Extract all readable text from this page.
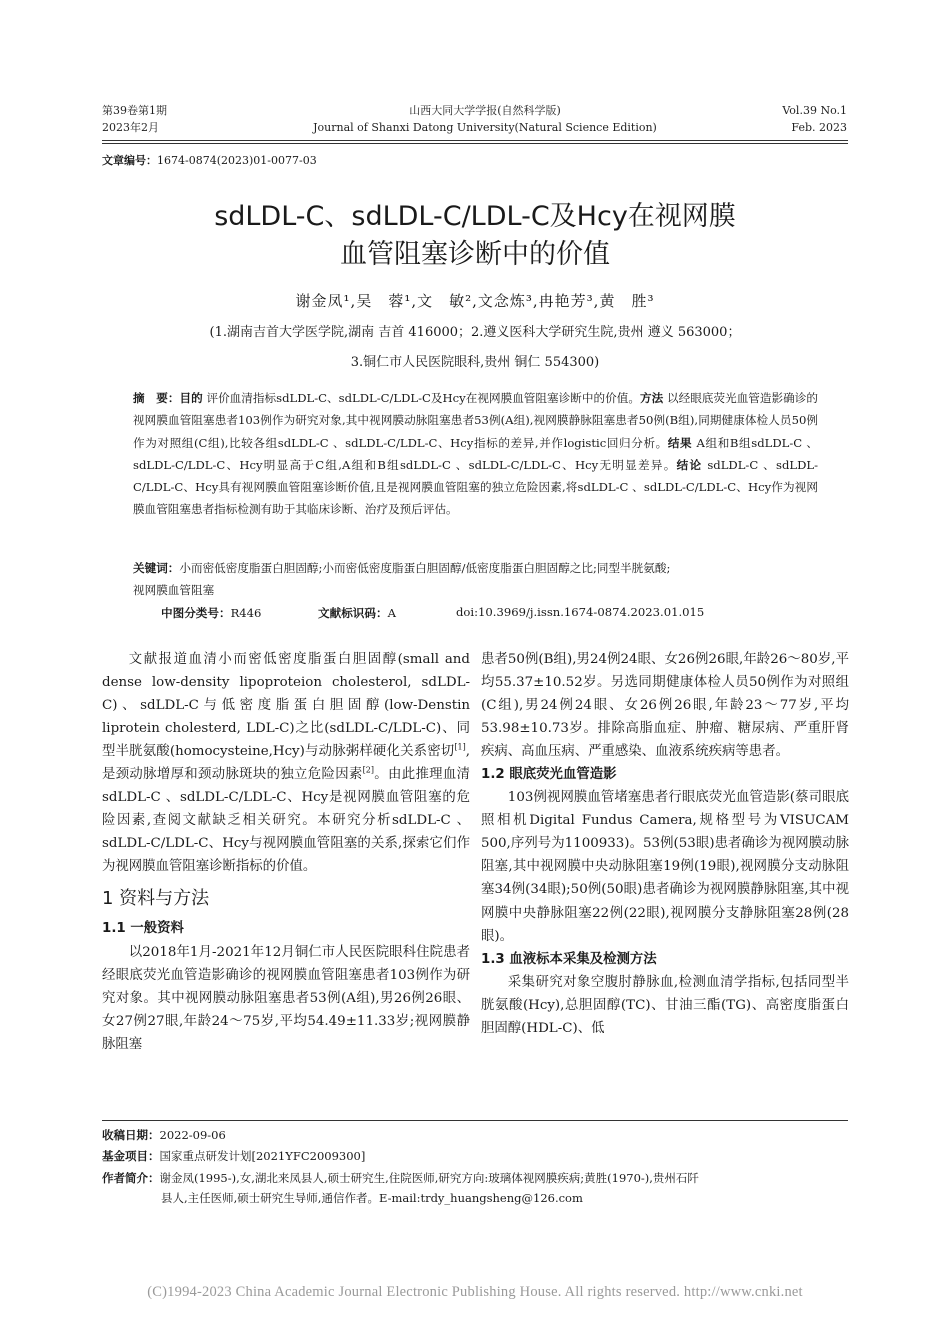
第39卷第1期
2023年2月
山西大同大学学报(自然科学版)
Journal of Shanxi Datong University(Natural Science Edition)
Vol.39 No.1
Feb. 2023
文章编号：1674-0874(2023)01-0077-03
sdLDL-C、sdLDL-C/LDL-C及Hcy在视网膜
血管阻塞诊断中的价值
谢金凤¹,吴　蓉¹,文　敏²,文念炼³,冉艳芳³,黄　胜³
(1.湖南吉首大学医学院,湖南 吉首 416000；2.遵义医科大学研究生院,贵州 遵义 563000；
3.铜仁市人民医院眼科,贵州 铜仁 554300)
摘　要：目的 评价血清指标sdLDL-C、sdLDL-C/LDL-C及Hcy在视网膜血管阻塞诊断中的价值。方法 以经眼底荧光血管造影确诊的视网膜血管阻塞患者103例作为研究对象,其中视网膜动脉阻塞患者53例(A组),视网膜静脉阻塞患者50例(B组),同期健康体检人员50例作为对照组(C组),比较各组sdLDL-C 、sdLDL-C/LDL-C、Hcy指标的差异,并作logistic回归分析。结果 A组和B组sdLDL-C 、sdLDL-C/LDL-C、Hcy明显高于C组,A组和B组sdLDL-C 、sdLDL-C/LDL-C、Hcy无明显差异。结论 sdLDL-C 、sdLDL-C/LDL-C、Hcy具有视网膜血管阻塞诊断价值,且是视网膜血管阻塞的独立危险因素,将sdLDL-C 、sdLDL-C/LDL-C、Hcy作为视网膜血管阻塞患者指标检测有助于其临床诊断、治疗及预后评估。
关键词：小而密低密度脂蛋白胆固醇;小而密低密度脂蛋白胆固醇/低密度脂蛋白胆固醇之比;同型半胱氨酸;
视网膜血管阻塞
中图分类号：R446	文献标识码：A	doi:10.3969/j.issn.1674-0874.2023.01.015

文献报道血清小而密低密度脂蛋白胆固醇(small and dense low-density lipoproteion cholesterol, sdLDL-C)、sdLDL-C与低密度脂蛋白胆固醇(low-Denstin liprotein cholesterd, LDL-C)之比(sdLDL-C/LDL-C)、同型半胱氨酸(homocysteine,Hcy)与动脉粥样硬化关系密切[1],是颈动脉增厚和颈动脉斑块的独立危险因素[2]。由此推理血清sdLDL-C 、sdLDL-C/LDL-C、Hcy是视网膜血管阻塞的危险因素,查阅文献缺乏相关研究。本研究分析sdLDL-C 、sdLDL-C/LDL-C、Hcy与视网膜血管阻塞的关系,探索它们作为视网膜血管阻塞诊断指标的价值。

1 资料与方法
1.1 一般资料

以2018年1月-2021年12月铜仁市人民医院眼科住院患者经眼底荧光血管造影确诊的视网膜血管阻塞患者103例作为研究对象。其中视网膜动脉阻塞患者53例(A组),男26例26眼、女27例27眼,年龄24～75岁,平均54.49±11.33岁;视网膜静脉阻塞

患者50例(B组),男24例24眼、女26例26眼,年龄26～80岁,平均55.37±10.52岁。另选同期健康体检人员50例作为对照组(C组),男24例24眼、女26例26眼,年龄23～77岁,平均53.98±10.73岁。排除高脂血症、肿瘤、糖尿病、严重肝肾疾病、高血压病、严重感染、血液系统疾病等患者。

1.2 眼底荧光血管造影

103例视网膜血管堵塞患者行眼底荧光血管造影(蔡司眼底照相机Digital Fundus Camera,规格型号为VISUCAM 500,序列号为1100933)。53例(53眼)患者确诊为视网膜动脉阻塞,其中视网膜中央动脉阻塞19例(19眼),视网膜分支动脉阻塞34例(34眼);50例(50眼)患者确诊为视网膜静脉阻塞,其中视网膜中央静脉阻塞22例(22眼),视网膜分支静脉阻塞28例(28眼)。

1.3 血液标本采集及检测方法

采集研究对象空腹肘静脉血,检测血清学指标,包括同型半胱氨酸(Hcy),总胆固醇(TC)、甘油三酯(TG)、高密度脂蛋白胆固醇(HDL-C)、低

收稿日期：2022-09-06
基金项目：国家重点研发计划[2021YFC2009300]
作者简介：谢金凤(1995-),女,湖北来凤县人,硕士研究生,住院医师,研究方向:玻璃体视网膜疾病;黄胜(1970-),贵州石阡
县人,主任医师,硕士研究生导师,通信作者。E-mail:trdy_huangsheng@126.com
(C)1994-2023 China Academic Journal Electronic Publishing House. All rights reserved. http://www.cnki.net
